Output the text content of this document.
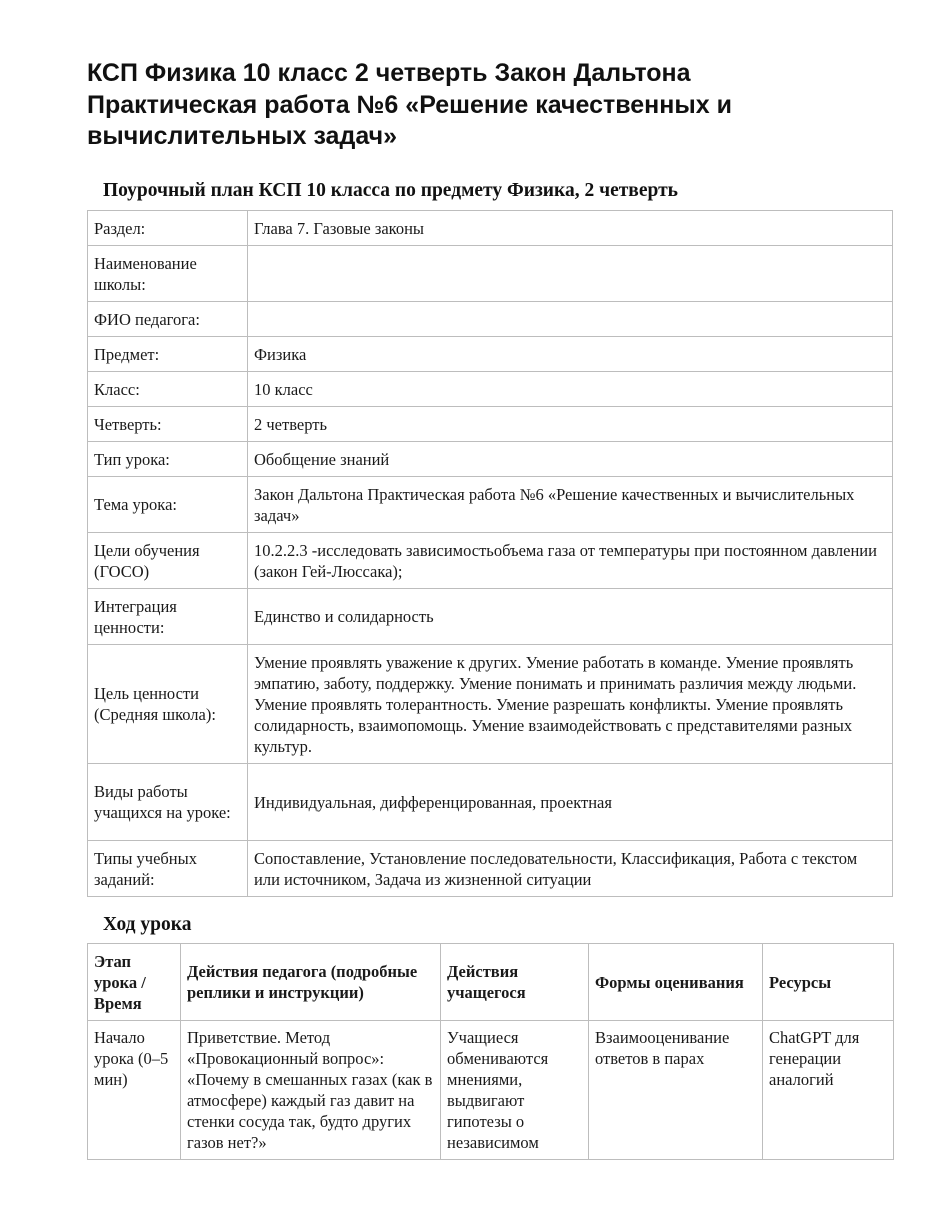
КСП Физика 10 класс 2 четверть Закон Дальтона Практическая работа №6 «Решение качественных и вычислительных задач»
Поурочный план КСП 10 класса по предмету Физика, 2 четверть
Раздел:	Глава 7. Газовые законы
Наименование школы:	
ФИО педагога:	
Предмет:	Физика
Класс:	10 класс
Четверть:	2 четверть
Тип урока:	Обобщение знаний
Тема урока:	Закон Дальтона Практическая работа №6 «Решение качественных и вычислительных задач»
Цели обучения (ГОСО)	10.2.2.3 -исследовать зависимостьобъема газа от температуры при постоянном давлении (закон Гей-Люссака);
Интеграция ценности:	Единство и солидарность
Цель ценности (Средняя школа):	Умение проявлять уважение к других. Умение работать в команде. Умение проявлять эмпатию, заботу, поддержку. Умение понимать и принимать различия между людьми. Умение проявлять толерантность. Умение разрешать конфликты. Умение проявлять солидарность, взаимопомощь. Умение взаимодействовать с представителями разных культур.
Виды работы учащихся на уроке:	Индивидуальная, дифференцированная, проектная
Типы учебных заданий:	Сопоставление, Установление последовательности, Классификация, Работа с текстом или источником, Задача из жизненной ситуации
Ход урока
Этап урока / Время	Действия педагога (подробные реплики и инструкции)	Действия учащегося	Формы оценивания	Ресурсы
Начало урока (0–5 мин)	Приветствие. Метод «Провокационный вопрос»: «Почему в смешанных газах (как в атмосфере) каждый газ давит на стенки сосуда так, будто других газов нет?»	Учащиеся обмениваются мнениями, выдвигают гипотезы о независимом	Взаимооценивание ответов в парах	ChatGPT для генерации аналогий
